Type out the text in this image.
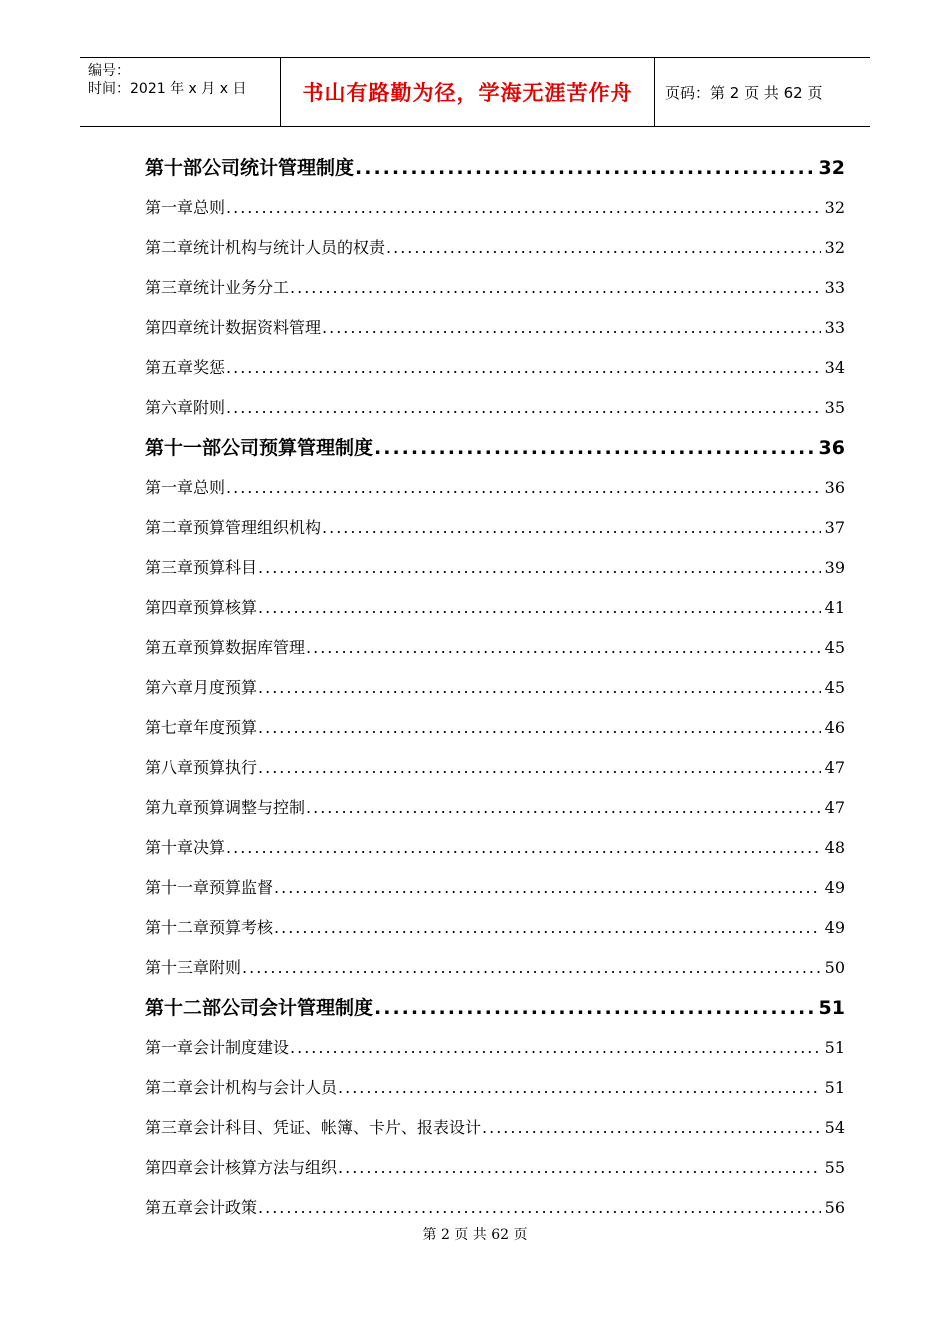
编号：
时间：2021 年 x 月 x 日	书山有路勤为径，学海无涯苦作舟	页码：第 2 页 共 62 页
第十部 公司统计管理制度 .....	32
第一章 总则 .....	32
第二章 统计机构与统计人员的权责 .....	32
第三章 统计业务分工 .....	33
第四章 统计数据资料管理 .....	33
第五章 奖惩 .....	34
第六章 附则 .....	35
第十一部 公司预算管理制度 .....	36
第一章 总则 .....	36
第二章 预算管理组织机构 .....	37
第三章 预算科目 .....	39
第四章 预算核算 .....	41
第五章 预算数据库管理 .....	45
第六章 月度预算 .....	45
第七章 年度预算 .....	46
第八章 预算执行 .....	47
第九章 预算调整与控制 .....	47
第十章 决算 .....	48
第十一章 预算监督 .....	49
第十二章 预算考核 .....	49
第十三章 附则 .....	50
第十二部 公司会计管理制度 .....	51
第一章 会计制度建设 .....	51
第二章 会计机构与会计人员 .....	51
第三章 会计科目、凭证、帐簿、卡片、报表设计 .....	54
第四章 会计核算方法与组织 .....	55
第五章 会计政策 .....	56
第 2 页 共 62 页
